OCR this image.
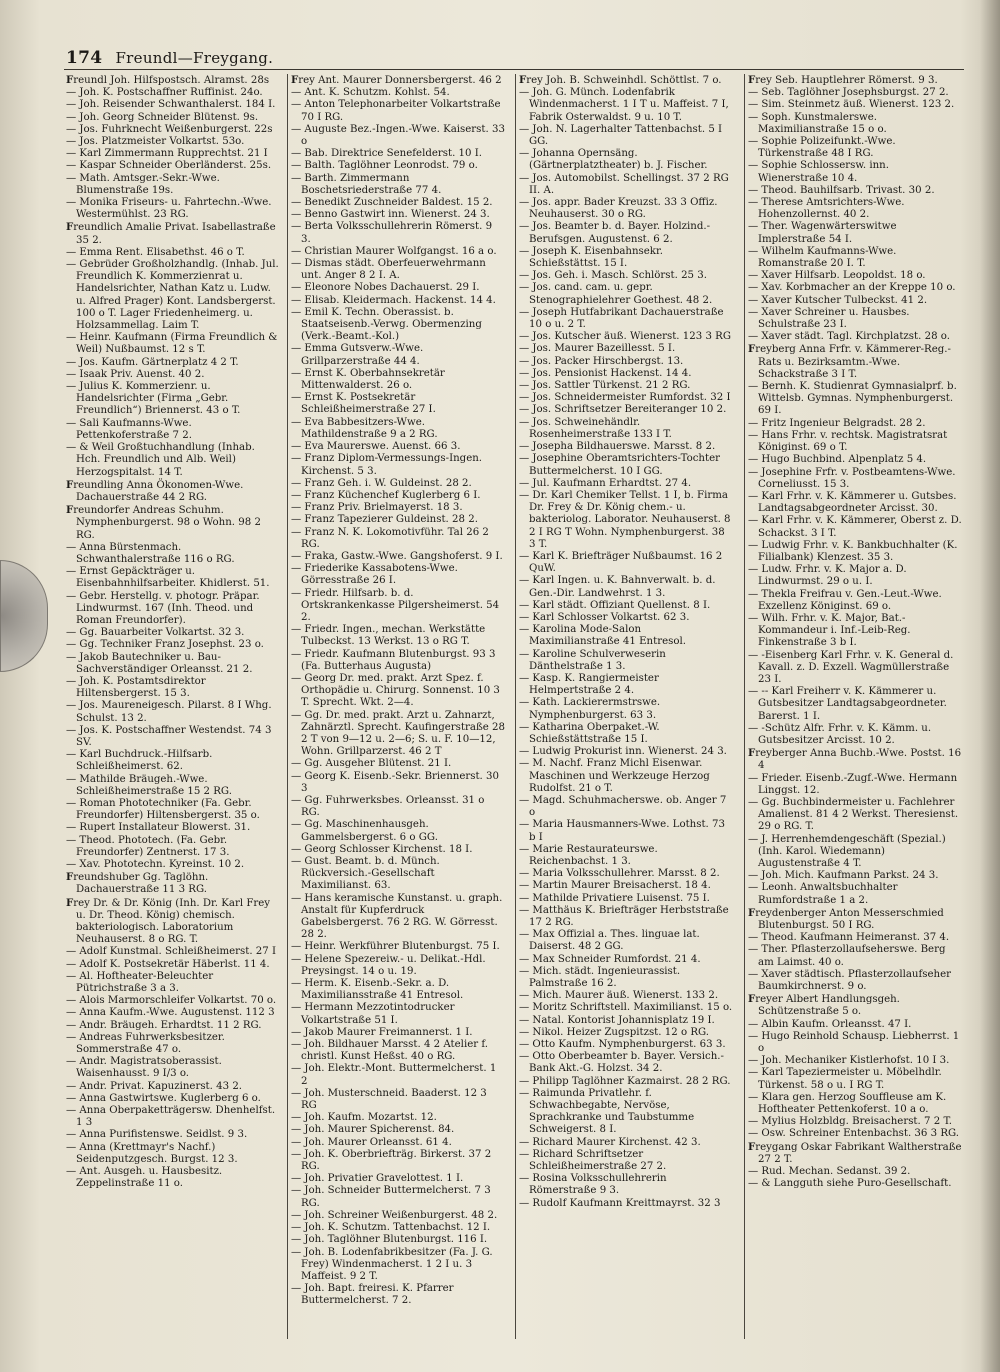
174 Freundl—Freygang.

Freundl Joh. Hilfspostsch. Alramst. 28s

— Joh. K. Postschaffner Ruffinist. 24o.

— Joh. Reisender Schwanthalerst. 184 I.

— Joh. Georg Schneider Blütenst. 9s.

— Jos. Fuhrknecht Weißenburgerst. 22s

— Jos. Platzmeister Volkartst. 53o.

— Karl Zimmermann Rupprechtst. 21 I

— Kaspar Schneider Oberländerst. 25s.

— Math. Amtsger.-Sekr.-Wwe. Blumenstraße 19s.

— Monika Friseurs- u. Fahrtechn.-Wwe. Westermühlst. 23 RG.

Freundlich Amalie Privat. Isabellastraße 35 2.

— Emma Rent. Elisabethst. 46 o T.

— Gebrüder Großholzhandlg. (Inhab. Jul. Freundlich K. Kommerzienrat u. Handelsrichter, Nathan Katz u. Ludw. u. Alfred Prager) Kont. Landsbergerst. 100 o T. Lager Friedenheimerg. u. Holzsammellag. Laim T.

— Heinr. Kaufmann (Firma Freundlich & Weil) Nußbaumst. 12 s T.

— Jos. Kaufm. Gärtnerplatz 4 2 T.

— Isaak Priv. Auenst. 40 2.

— Julius K. Kommerzienr. u. Handelsrichter (Firma „Gebr. Freundlich“) Briennerst. 43 o T.

— Sali Kaufmanns-Wwe. Pettenkoferstraße 7 2.

— & Weil Großtuchhandlung (Inhab. Hch. Freundlich und Alb. Weil) Herzogspitalst. 14 T.

Freundling Anna Ökonomen-Wwe. Dachauerstraße 44 2 RG.

Freundorfer Andreas Schuhm. Nymphenburgerst. 98 o Wohn. 98 2 RG.

— Anna Bürstenmach. Schwanthalerstraße 116 o RG.

— Ernst Gepäckträger u. Eisenbahnhilfsarbeiter. Khidlerst. 51.

— Gebr. Herstellg. v. photogr. Präpar. Lindwurmst. 167 (Inh. Theod. und Roman Freundorfer).

— Gg. Bauarbeiter Volkartst. 32 3.

— Gg. Techniker Franz Josephst. 23 o.

— Jakob Bautechniker u. Bau-Sachverständiger Orleansst. 21 2.

— Joh. K. Postamtsdirektor Hiltensbergerst. 15 3.

— Jos. Maureneigesch. Pilarst. 8 I Whg. Schulst. 13 2.

— Jos. K. Postschaffner Westendst. 74 3 SV.

— Karl Buchdruck.-Hilfsarb. Schleißheimerst. 62.

— Mathilde Bräugeh.-Wwe. Schleißheimerstraße 15 2 RG.

— Roman Phototechniker (Fa. Gebr. Freundorfer) Hiltensbergerst. 35 o.

— Rupert Installateur Blowerst. 31.

— Theod. Phototech. (Fa. Gebr. Freundorfer) Zentnerst. 17 3.

— Xav. Phototechn. Kyreinst. 10 2.

Freundshuber Gg. Taglöhn. Dachauerstraße 11 3 RG.

Frey Dr. & Dr. König (Inh. Dr. Karl Frey u. Dr. Theod. König) chemisch. bakteriologisch. Laboratorium Neuhauserst. 8 o RG. T.

— Adolf Kunstmal. Schleißheimerst. 27 I

— Adolf K. Postsekretär Häberlst. 11 4.

— Al. Hoftheater-Beleuchter Pütrichstraße 3 a 3.

— Alois Marmorschleifer Volkartst. 70 o.

— Anna Kaufm.-Wwe. Augustenst. 112 3

— Andr. Bräugeh. Erhardtst. 11 2 RG.

— Andreas Fuhrwerksbesitzer. Sommerstraße 47 o.

— Andr. Magistratsoberassist. Waisenhausst. 9 I/3 o.

— Andr. Privat. Kapuzinerst. 43 2.

— Anna Gastwirtswe. Kuglerberg 6 o.

— Anna Oberpaketträgersw. Dhenhelfst. 1 3

— Anna Purifistenswe. Seidlst. 9 3.

— Anna (Krettmayr's Nachf.) Seidenputzgesch. Burgst. 12 3.

— Ant. Ausgeh. u. Hausbesitz. Zeppelinstraße 11 o.

Frey Ant. Maurer Donnersbergerst. 46 2

— Ant. K. Schutzm. Kohlst. 54.

— Anton Telephonarbeiter Volkartstraße 70 I RG.

— Auguste Bez.-Ingen.-Wwe. Kaiserst. 33 o

— Bab. Direktrice Senefelderst. 10 I.

— Balth. Taglöhner Leonrodst. 79 o.

— Barth. Zimmermann Boschetsriederstraße 77 4.

— Benedikt Zuschneider Baldest. 15 2.

— Benno Gastwirt inn. Wienerst. 24 3.

— Berta Volksschullehrerin Römerst. 9 3.

— Christian Maurer Wolfgangst. 16 a o.

— Dismas städt. Oberfeuerwehrmann unt. Anger 8 2 I. A.

— Eleonore Nobes Dachauerst. 29 I.

— Elisab. Kleidermach. Hackenst. 14 4.

— Emil K. Techn. Oberassist. b. Staatseisenb.-Verwg. Obermenzing (Verk.-Beamt.-Kol.)

— Emma Gutsverw.-Wwe. Grillparzerstraße 44 4.

— Ernst K. Oberbahnsekretär Mittenwalderst. 26 o.

— Ernst K. Postsekretär Schleißheimerstraße 27 I.

— Eva Babbesitzers-Wwe. Mathildenstraße 9 a 2 RG.

— Eva Maurerswe. Auenst. 66 3.

— Franz Diplom-Vermessungs-Ingen. Kirchenst. 5 3.

— Franz Geh. i. W. Guldeinst. 28 2.

— Franz Küchenchef Kuglerberg 6 I.

— Franz Priv. Brielmayerst. 18 3.

— Franz Tapezierer Guldeinst. 28 2.

— Franz N. K. Lokomotivführ. Tal 26 2 RG.

— Fraka, Gastw.-Wwe. Gangshoferst. 9 I.

— Friederike Kassabotens-Wwe. Görresstraße 26 I.

— Friedr. Hilfsarb. b. d. Ortskrankenkasse Pilgersheimerst. 54 2.

— Friedr. Ingen., mechan. Werkstätte Tulbeckst. 13 Werkst. 13 o RG T.

— Friedr. Kaufmann Blutenburgst. 93 3 (Fa. Butterhaus Augusta)

— Georg Dr. med. prakt. Arzt Spez. f. Orthopädie u. Chirurg. Sonnenst. 10 3 T. Sprecht. Wkt. 2—4.

— Gg. Dr. med. prakt. Arzt u. Zahnarzt, Zahnärztl. Sprecht. Kaufingerstraße 28 2 T von 9—12 u. 2—6; S. u. F. 10—12, Wohn. Grillparzerst. 46 2 T

— Gg. Ausgeher Blütenst. 21 I.

— Georg K. Eisenb.-Sekr. Briennerst. 30 3

— Gg. Fuhrwerksbes. Orleansst. 31 o RG.

— Gg. Maschinenhausgeh. Gammelsbergerst. 6 o GG.

— Georg Schlosser Kirchenst. 18 I.

— Gust. Beamt. b. d. Münch. Rückversich.-Gesellschaft Maximilianst. 63.

— Hans keramische Kunstanst. u. graph. Anstalt für Kupferdruck Gabelsbergerst. 76 2 RG. W. Görresst. 28 2.

— Heinr. Werkführer Blutenburgst. 75 I.

— Helene Spezereiw.- u. Delikat.-Hdl. Preysingst. 14 o u. 19.

— Herm. K. Eisenb.-Sekr. a. D. Maximiliansstraße 41 Entresol.

— Hermann Mezzotintodrucker Volkartstraße 51 I.

— Jakob Maurer Freimannerst. 1 I.

— Joh. Bildhauer Marsst. 4 2 Atelier f. christl. Kunst Heßst. 40 o RG.

— Joh. Elektr.-Mont. Buttermelcherst. 1 2

— Joh. Musterschneid. Baaderst. 12 3 RG

— Joh. Kaufm. Mozartst. 12.

— Joh. Maurer Spicherenst. 84.

— Joh. Maurer Orleansst. 61 4.

— Joh. K. Oberbriefträg. Birkerst. 37 2 RG.

— Joh. Privatier Gravelottest. 1 I.

— Joh. Schneider Buttermelcherst. 7 3 RG.

— Joh. Schreiner Weißenburgerst. 48 2.

— Joh. K. Schutzm. Tattenbachst. 12 I.

— Joh. Taglöhner Blutenburgst. 116 I.

— Joh. B. Lodenfabrikbesitzer (Fa. J. G. Frey) Windenmacherst. 1 2 I u. 3 Maffeist. 9 2 T.

— Joh. Bapt. freiresi. K. Pfarrer Buttermelcherst. 7 2.

Frey Joh. B. Schweinhdl. Schöttlst. 7 o.

— Joh. G. Münch. Lodenfabrik Windenmacherst. 1 I T u. Maffeist. 7 I, Fabrik Osterwaldst. 9 u. 10 T.

— Joh. N. Lagerhalter Tattenbachst. 5 I GG.

— Johanna Opernsäng. (Gärtnerplatztheater) b. J. Fischer.

— Jos. Automobilst. Schellingst. 37 2 RG II. A.

— Jos. appr. Bader Kreuzst. 33 3 Offiz. Neuhauserst. 30 o RG.

— Jos. Beamter b. d. Bayer. Holzind.-Berufsgen. Augustenst. 6 2.

— Joseph K. Eisenbahnsekr. Schießstättst. 15 I.

— Jos. Geh. i. Masch. Schlörst. 25 3.

— Jos. cand. cam. u. gepr. Stenographielehrer Goethest. 48 2.

— Joseph Hutfabrikant Dachauerstraße 10 o u. 2 T.

— Jos. Kutscher äuß. Wienerst. 123 3 RG

— Jos. Maurer Bazeillesst. 5 I.

— Jos. Packer Hirschbergst. 13.

— Jos. Pensionist Hackenst. 14 4.

— Jos. Sattler Türkenst. 21 2 RG.

— Jos. Schneidermeister Rumfordst. 32 I

— Jos. Schriftsetzer Bereiteranger 10 2.

— Jos. Schweinehändlr. Rosenheimerstraße 133 I T.

— Josepha Bildhauerswe. Marsst. 8 2.

— Josephine Oberamtsrichters-Tochter Buttermelcherst. 10 I GG.

— Jul. Kaufmann Erhardtst. 27 4.

— Dr. Karl Chemiker Tellst. 1 I, b. Firma Dr. Frey & Dr. König chem.- u. bakteriolog. Laborator. Neuhauserst. 8 2 I RG T Wohn. Nymphenburgerst. 38 3 T.

— Karl K. Briefträger Nußbaumst. 16 2 QuW.

— Karl Ingen. u. K. Bahnverwalt. b. d. Gen.-Dir. Landwehrst. 1 3.

— Karl städt. Offiziant Quellenst. 8 I.

— Karl Schlosser Volkartst. 62 3.

— Karolina Mode-Salon Maximilianstraße 41 Entresol.

— Karoline Schulverweserin Dänthelstraße 1 3.

— Kasp. K. Rangiermeister Helmpertstraße 2 4.

— Kath. Lackierermstrswe. Nymphenburgerst. 63 3.

— Katharina Oberpaket.-W. Schießstättstraße 15 I.

— Ludwig Prokurist inn. Wienerst. 24 3.

— M. Nachf. Franz Michl Eisenwar. Maschinen und Werkzeuge Herzog Rudolfst. 21 o T.

— Magd. Schuhmacherswe. ob. Anger 7 o

— Maria Hausmanners-Wwe. Lothst. 73 b I

— Marie Restaurateurswe. Reichenbachst. 1 3.

— Maria Volksschullehrer. Marsst. 8 2.

— Martin Maurer Breisacherst. 18 4.

— Mathilde Privatiere Luisenst. 75 I.

— Matthäus K. Briefträger Herbststraße 17 2 RG.

— Max Offizial a. Thes. linguae lat. Daiserst. 48 2 GG.

— Max Schneider Rumfordst. 21 4.

— Mich. städt. Ingenieurassist. Palmstraße 16 2.

— Mich. Maurer äuß. Wienerst. 133 2.

— Moritz Schriftstell. Maximilianst. 15 o.

— Natal. Kontorist Johannisplatz 19 I.

— Nikol. Heizer Zugspitzst. 12 o RG.

— Otto Kaufm. Nymphenburgerst. 63 3.

— Otto Oberbeamter b. Bayer. Versich.-Bank Akt.-G. Holzst. 34 2.

— Philipp Taglöhner Kazmairst. 28 2 RG.

— Raimunda Privatlehr. f. Schwachbegabte, Nervöse, Sprachkranke und Taubstumme Schweigerst. 8 I.

— Richard Maurer Kirchenst. 42 3.

— Richard Schriftsetzer Schleißheimerstraße 27 2.

— Rosina Volksschullehrerin Römerstraße 9 3.

— Rudolf Kaufmann Kreittmayrst. 32 3

Frey Seb. Hauptlehrer Römerst. 9 3.

— Seb. Taglöhner Josephsburgst. 27 2.

— Sim. Steinmetz äuß. Wienerst. 123 2.

— Soph. Kunstmalerswe. Maximilianstraße 15 o o.

— Sophie Polizeifunkt.-Wwe. Türkenstraße 48 I RG.

— Sophie Schlossersw. inn. Wienerstraße 10 4.

— Theod. Bauhilfsarb. Trivast. 30 2.

— Therese Amtsrichters-Wwe. Hohenzollernst. 40 2.

— Ther. Wagenwärterswitwe Implerstraße 54 I.

— Wilhelm Kaufmanns-Wwe. Romanstraße 20 I. T.

— Xaver Hilfsarb. Leopoldst. 18 o.

— Xav. Korbmacher an der Kreppe 10 o.

— Xaver Kutscher Tulbeckst. 41 2.

— Xaver Schreiner u. Hausbes. Schulstraße 23 I.

— Xaver städt. Tagl. Kirchplatzst. 28 o.

Freyberg Anna Frfr. v. Kämmerer-Reg.-Rats u. Bezirksamtm.-Wwe. Schackstraße 3 I T.

— Bernh. K. Studienrat Gymnasialprf. b. Wittelsb. Gymnas. Nymphenburgerst. 69 I.

— Fritz Ingenieur Belgradst. 28 2.

— Hans Frhr. v. rechtsk. Magistratsrat Königinst. 69 o T.

— Hugo Buchbind. Alpenplatz 5 4.

— Josephine Frfr. v. Postbeamtens-Wwe. Corneliusst. 15 3.

— Karl Frhr. v. K. Kämmerer u. Gutsbes. Landtagsabgeordneter Arcisst. 30.

— Karl Frhr. v. K. Kämmerer, Oberst z. D. Schackst. 3 I T.

— Ludwig Frhr. v. K. Bankbuchhalter (K. Filialbank) Klenzest. 35 3.

— Ludw. Frhr. v. K. Major a. D. Lindwurmst. 29 o u. I.

— Thekla Freifrau v. Gen.-Leut.-Wwe. Exzellenz Königinst. 69 o.

— Wilh. Frhr. v. K. Major, Bat.-Kommandeur i. Inf.-Leib-Reg. Finkenstraße 3 b I.

— -Eisenberg Karl Frhr. v. K. General d. Kavall. z. D. Exzell. Wagmüllerstraße 23 I.

— -- Karl Freiherr v. K. Kämmerer u. Gutsbesitzer Landtagsabgeordneter. Barerst. 1 I.

— -Schütz Alfr. Frhr. v. K. Kämm. u. Gutsbesitzer Arcisst. 10 2.

Freyberger Anna Buchb.-Wwe. Postst. 16 4

— Frieder. Eisenb.-Zugf.-Wwe. Hermann Linggst. 12.

— Gg. Buchbindermeister u. Fachlehrer Amalienst. 81 4 2 Werkst. Theresienst. 29 o RG. T.

— J. Herrenhemdengeschäft (Spezial.) (Inh. Karol. Wiedemann) Augustenstraße 4 T.

— Joh. Mich. Kaufmann Parkst. 24 3.

— Leonh. Anwaltsbuchhalter Rumfordstraße 1 a 2.

Freydenberger Anton Messerschmied Blutenburgst. 50 I RG.

— Theod. Kaufmann Heimeranst. 37 4.

— Ther. Pflasterzollaufseherswe. Berg am Laimst. 40 o.

— Xaver städtisch. Pflasterzollaufseher Baumkirchnerst. 9 o.

Freyer Albert Handlungsgeh. Schützenstraße 5 o.

— Albin Kaufm. Orleansst. 47 I.

— Hugo Reinhold Schausp. Liebherrst. 1 o

— Joh. Mechaniker Kistlerhofst. 10 I 3.

— Karl Tapeziermeister u. Möbelhdlr. Türkenst. 58 o u. I RG T.

— Klara gen. Herzog Souffleuse am K. Hoftheater Pettenkoferst. 10 a o.

— Mylius Holzbldg. Breisacherst. 7 2 T.

— Osw. Schreiner Entenbachst. 36 3 RG.

Freygang Oskar Fabrikant Waltherstraße 27 2 T.

— Rud. Mechan. Sedanst. 39 2.

— & Langguth siehe Puro-Gesellschaft.
